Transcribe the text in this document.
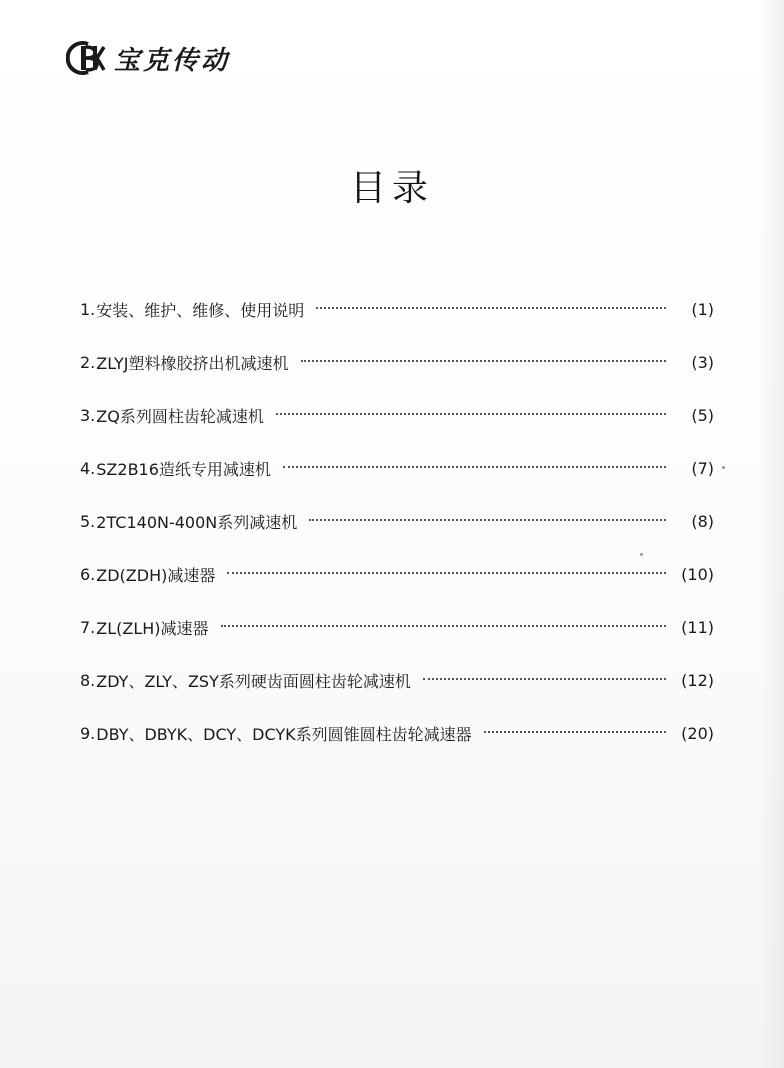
宝克传动
目录
1. 安装、维护、维修、使用说明	(1)
2. ZLYJ塑料橡胶挤出机减速机	(3)
3. ZQ系列圆柱齿轮减速机	(5)
4. SZ2B16造纸专用减速机	(7)
5. 2TC140N-400N系列减速机	(8)
6. ZD(ZDH)减速器	(10)
7. ZL(ZLH)减速器	(11)
8. ZDY、ZLY、ZSY系列硬齿面圆柱齿轮减速机	(12)
9. DBY、DBYK、DCY、DCYK系列圆锥圆柱齿轮减速器	(20)
